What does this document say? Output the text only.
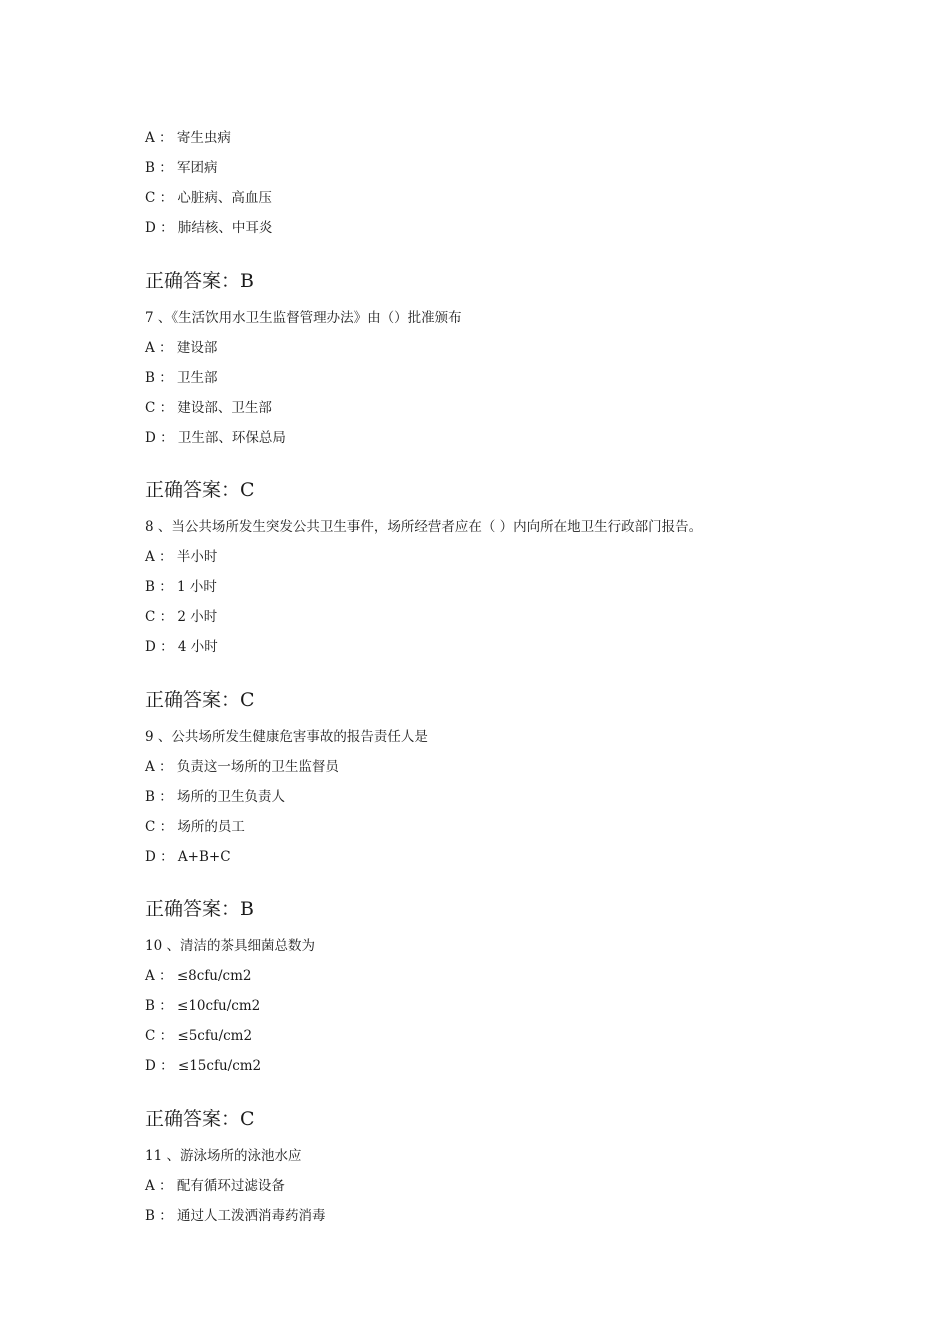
A ： 寄生虫病
B ： 军团病
C ： 心脏病、高血压
D ： 肺结核、中耳炎
正确答案：B
7 、《生活饮用水卫生监督管理办法》由（）批准颁布
A ： 建设部
B ： 卫生部
C ： 建设部、卫生部
D ： 卫生部、环保总局
正确答案：C
8 、当公共场所发生突发公共卫生事件，场所经营者应在（ ）内向所在地卫生行政部门报告。
A ： 半小时
B ： 1 小时
C ： 2 小时
D ： 4 小时
正确答案：C
9 、公共场所发生健康危害事故的报告责任人是
A ： 负责这一场所的卫生监督员
B ： 场所的卫生负责人
C ： 场所的员工
D ： A+B+C
正确答案：B
10 、清洁的茶具细菌总数为
A ： ≤8cfu/cm2
B ： ≤10cfu/cm2
C ： ≤5cfu/cm2
D ： ≤15cfu/cm2
正确答案：C
11 、游泳场所的泳池水应
A ： 配有循环过滤设备
B ： 通过人工泼洒消毒药消毒
